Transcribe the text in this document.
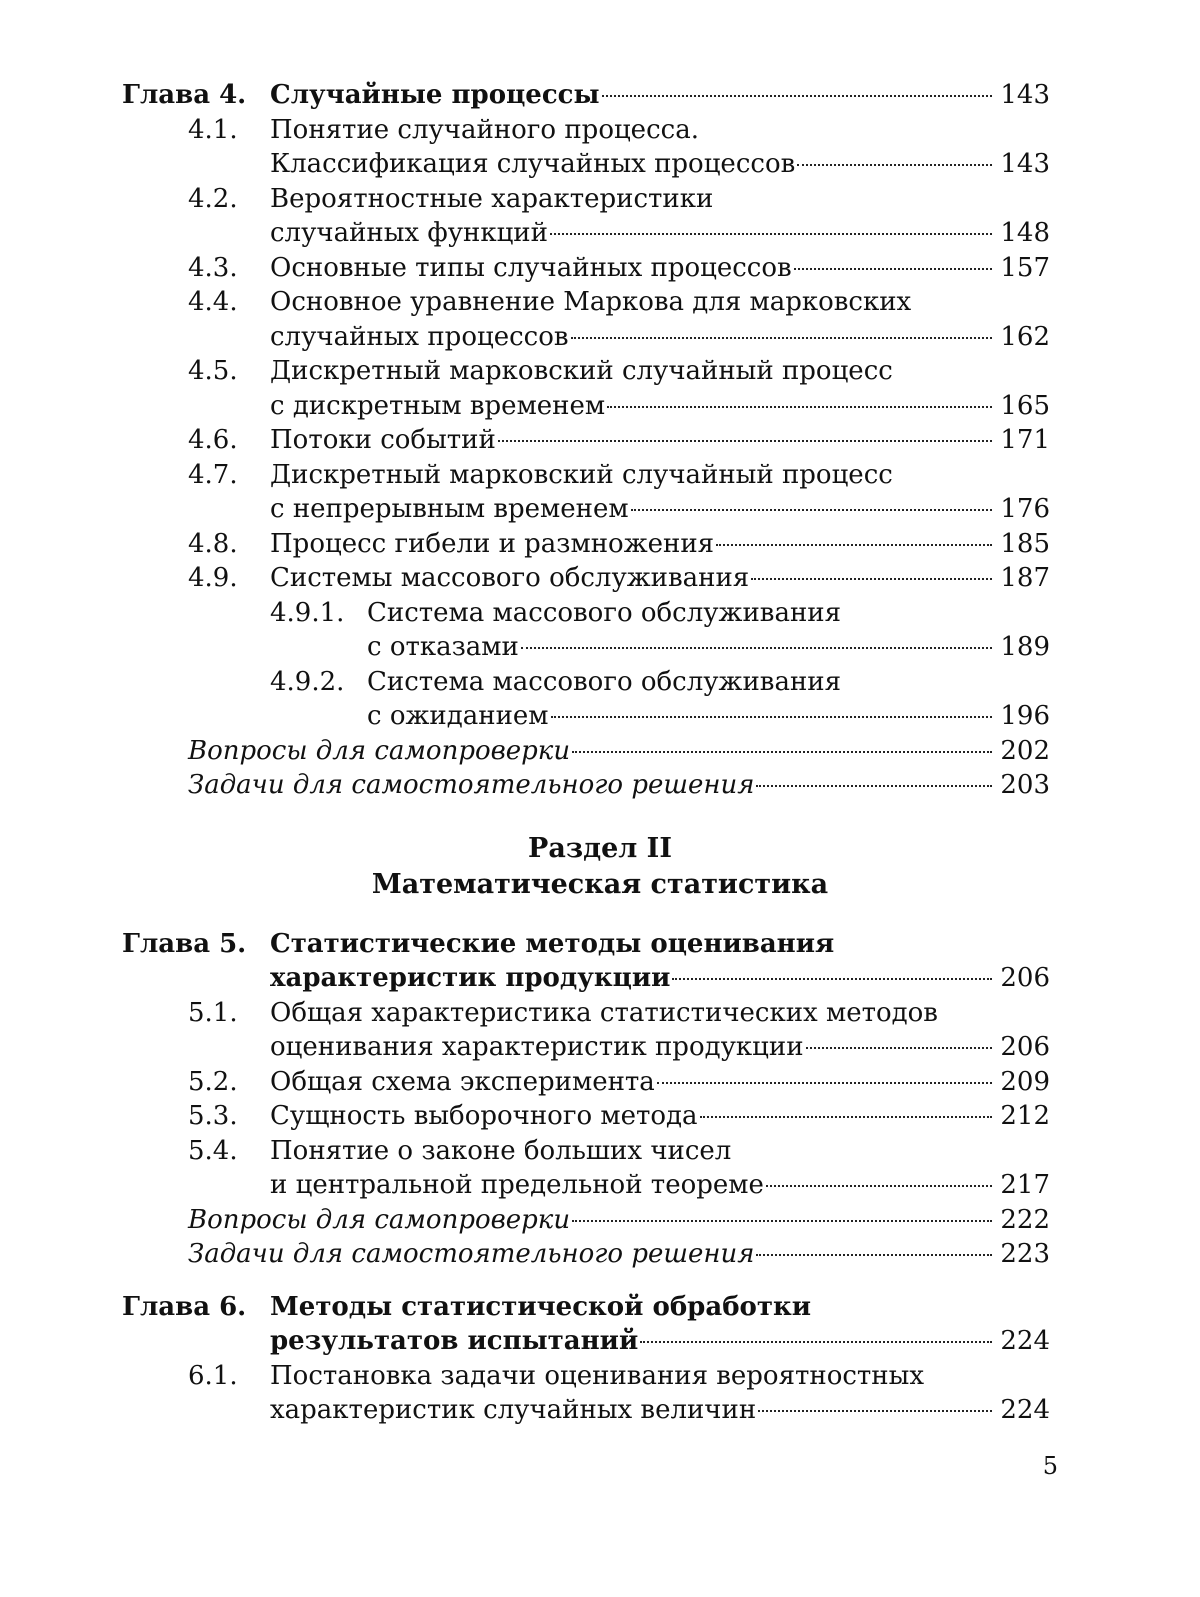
Глава 4. Случайные процессы	143
4.1. Понятие случайного процесса.
Классификация случайных процессов	143
4.2. Вероятностные характеристики
случайных функций	148
4.3. Основные типы случайных процессов	157
4.4. Основное уравнение Маркова для марковских
случайных процессов	162
4.5. Дискретный марковский случайный процесс
с дискретным временем	165
4.6. Потоки событий	171
4.7. Дискретный марковский случайный процесс
с непрерывным временем	176
4.8. Процесс гибели и размножения	185
4.9. Системы массового обслуживания	187
4.9.1. Система массового обслуживания
с отказами	189
4.9.2. Система массового обслуживания
с ожиданием	196
Вопросы для самопроверки	202
Задачи для самостоятельного решения	203
Раздел II
Математическая статистика
Глава 5. Статистические методы оценивания
характеристик продукции	206
5.1. Общая характеристика статистических методов
оценивания характеристик продукции	206
5.2. Общая схема эксперимента	209
5.3. Сущность выборочного метода	212
5.4. Понятие о законе больших чисел
и центральной предельной теореме	217
Вопросы для самопроверки	222
Задачи для самостоятельного решения	223
Глава 6. Методы статистической обработки
результатов испытаний	224
6.1. Постановка задачи оценивания вероятностных
характеристик случайных величин	224
5
